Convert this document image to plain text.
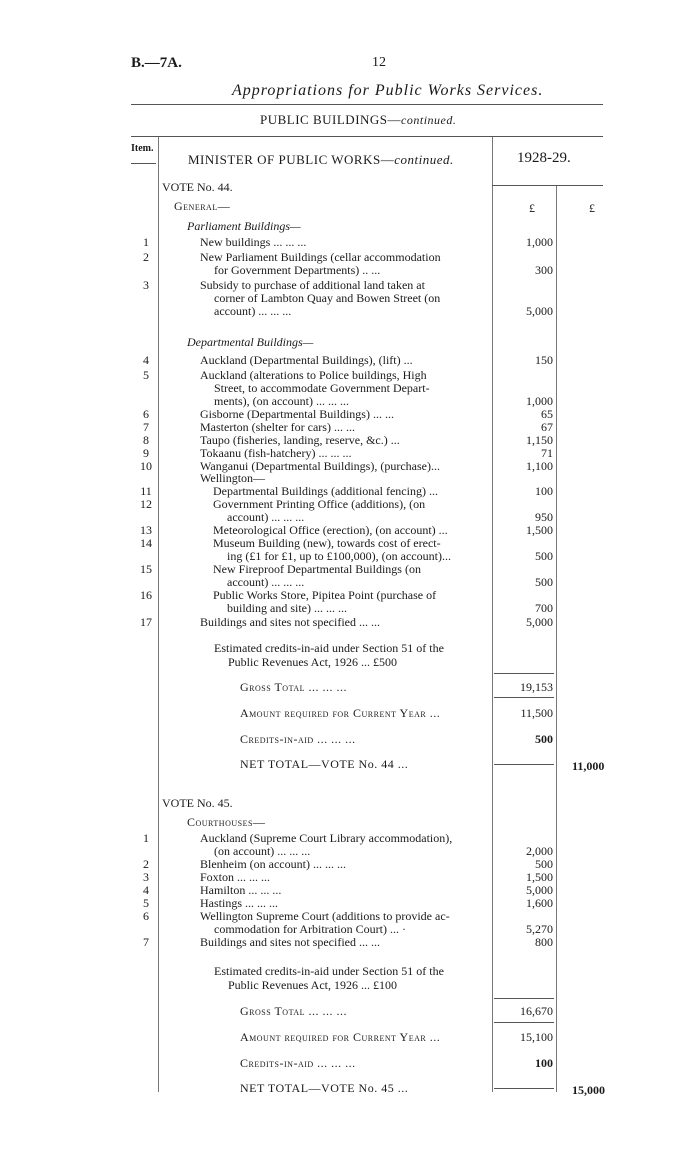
B.—7A.	12
Appropriations for Public Works Services.
PUBLIC BUILDINGS—continued.
Item.
MINISTER OF PUBLIC WORKS—continued.	1928-29.
£	£
VOTE No. 44.
General—
Parliament Buildings—
1	New buildings ... ... ...	1,000
2	New Parliament Buildings (cellar accommodation
for Government Departments) .. ...	300
3	Subsidy to purchase of additional land taken at
corner of Lambton Quay and Bowen Street (on
account) ... ... ...	5,000
Departmental Buildings—
4	Auckland (Departmental Buildings), (lift) ...	150
5	Auckland (alterations to Police buildings, High
Street, to accommodate Government Depart-
ments), (on account) ... ... ...	1,000
6	Gisborne (Departmental Buildings) ... ...	65
7	Masterton (shelter for cars) ... ...	67
8	Taupo (fisheries, landing, reserve, &c.) ...	1,150
9	Tokaanu (fish-hatchery) ... ... ...	71
10	Wanganui (Departmental Buildings), (purchase)...	1,100
Wellington—
11	Departmental Buildings (additional fencing) ...	100
12	Government Printing Office (additions), (on
account) ... ... ...	950
13	Meteorological Office (erection), (on account) ...	1,500
14	Museum Building (new), towards cost of erect-
ing (£1 for £1, up to £100,000), (on account)...	500
15	New Fireproof Departmental Buildings (on
account) ... ... ...	500
16	Public Works Store, Pipitea Point (purchase of
building and site) ... ... ...	700
17	Buildings and sites not specified ... ...	5,000
Estimated credits-in-aid under Section 51 of the
Public Revenues Act, 1926 ... £500
Gross Total ... ... ...	19,153
Amount required for Current Year ...	11,500
Credits-in-aid ... ... ...	500
NET TOTAL—VOTE No. 44 ...	11,000
VOTE No. 45.
Courthouses—
1	Auckland (Supreme Court Library accommodation),
(on account) ... ... ...	2,000
2	Blenheim (on account) ... ... ...	500
3	Foxton ... ... ...	1,500
4	Hamilton ... ... ...	5,000
5	Hastings ... ... ...	1,600
6	Wellington Supreme Court (additions to provide ac-
commodation for Arbitration Court) ... ·	5,270
7	Buildings and sites not specified ... ...	800
Estimated credits-in-aid under Section 51 of the
Public Revenues Act, 1926 ... £100
Gross Total ... ... ...	16,670
Amount required for Current Year ...	15,100
Credits-in-aid ... ... ...	100
NET TOTAL—VOTE No. 45 ...	15,000
